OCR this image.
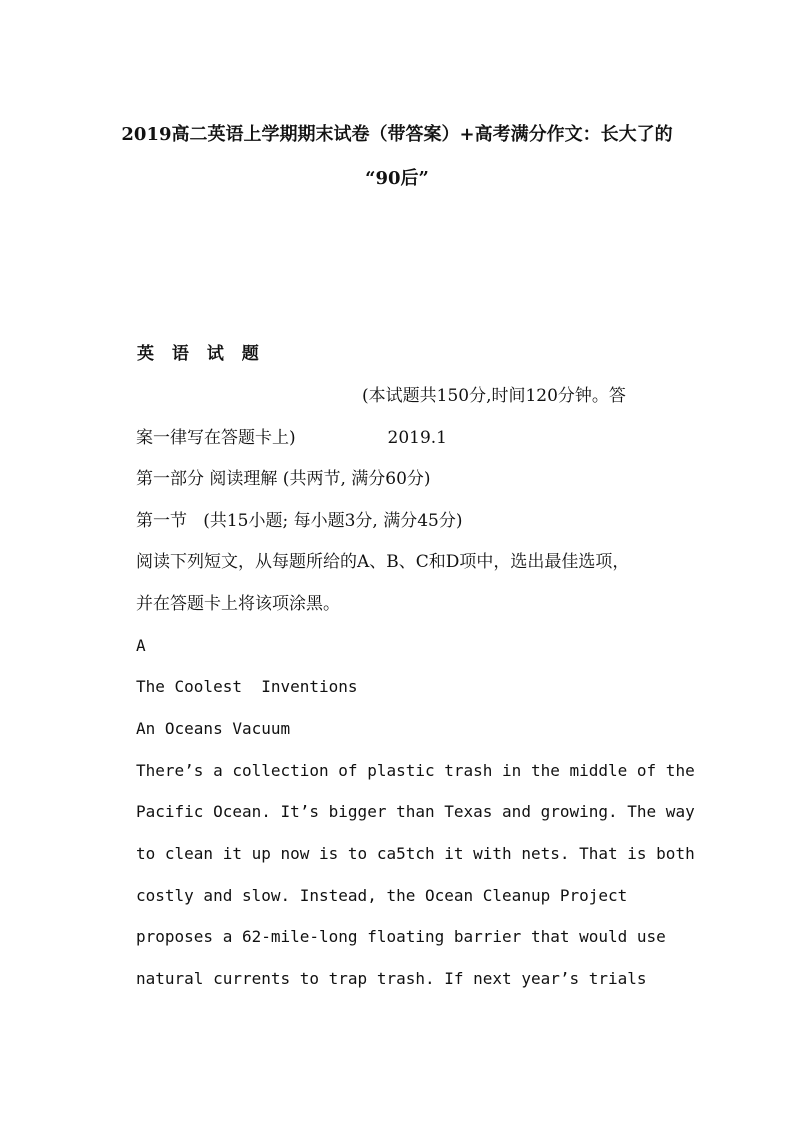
2019高二英语上学期期末试卷（带答案）+高考满分作文：长大了的
“90后”
英 语 试 题
(本试题共150分,时间120分钟。答
案一律写在答题卡上)                 2019.1
第一部分 阅读理解 (共两节, 满分60分)
第一节   (共15小题; 每小题3分, 满分45分)
阅读下列短文，从每题所给的A、B、C和D项中，选出最佳选项，
并在答题卡上将该项涂黑。
A
The Coolest  Inventions
An Oceans Vacuum
There’s a collection of plastic trash in the middle of the
Pacific Ocean. It’s bigger than Texas and growing. The way
to clean it up now is to ca5tch it with nets. That is both
costly and slow. Instead, the Ocean Cleanup Project
proposes a 62-mile-long floating barrier that would use
natural currents to trap trash. If next year’s trials
